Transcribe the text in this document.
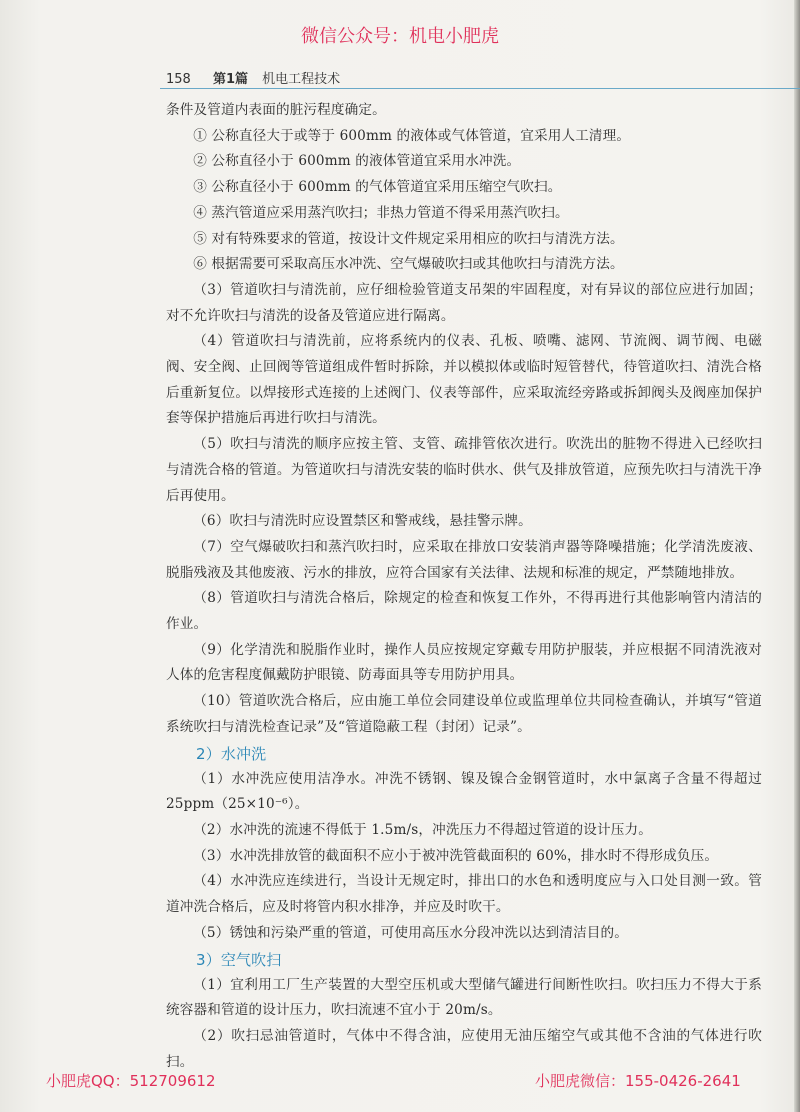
微信公众号：机电小肥虎
158 第1篇 机电工程技术

条件及管道内表面的脏污程度确定。

① 公称直径大于或等于 600mm 的液体或气体管道，宜采用人工清理。

② 公称直径小于 600mm 的液体管道宜采用水冲洗。

③ 公称直径小于 600mm 的气体管道宜采用压缩空气吹扫。

④ 蒸汽管道应采用蒸汽吹扫；非热力管道不得采用蒸汽吹扫。

⑤ 对有特殊要求的管道，按设计文件规定采用相应的吹扫与清洗方法。

⑥ 根据需要可采取高压水冲洗、空气爆破吹扫或其他吹扫与清洗方法。

（3）管道吹扫与清洗前，应仔细检验管道支吊架的牢固程度，对有异议的部位应进行加固；对不允许吹扫与清洗的设备及管道应进行隔离。

（4）管道吹扫与清洗前，应将系统内的仪表、孔板、喷嘴、滤网、节流阀、调节阀、电磁阀、安全阀、止回阀等管道组成件暂时拆除，并以模拟体或临时短管替代，待管道吹扫、清洗合格后重新复位。以焊接形式连接的上述阀门、仪表等部件，应采取流经旁路或拆卸阀头及阀座加保护套等保护措施后再进行吹扫与清洗。

（5）吹扫与清洗的顺序应按主管、支管、疏排管依次进行。吹洗出的脏物不得进入已经吹扫与清洗合格的管道。为管道吹扫与清洗安装的临时供水、供气及排放管道，应预先吹扫与清洗干净后再使用。

（6）吹扫与清洗时应设置禁区和警戒线，悬挂警示牌。

（7）空气爆破吹扫和蒸汽吹扫时，应采取在排放口安装消声器等降噪措施；化学清洗废液、脱脂残液及其他废液、污水的排放，应符合国家有关法律、法规和标准的规定，严禁随地排放。

（8）管道吹扫与清洗合格后，除规定的检查和恢复工作外，不得再进行其他影响管内清洁的作业。

（9）化学清洗和脱脂作业时，操作人员应按规定穿戴专用防护服装，并应根据不同清洗液对人体的危害程度佩戴防护眼镜、防毒面具等专用防护用具。

（10）管道吹洗合格后，应由施工单位会同建设单位或监理单位共同检查确认，并填写“管道系统吹扫与清洗检查记录”及“管道隐蔽工程（封闭）记录”。

2）水冲洗

（1）水冲洗应使用洁净水。冲洗不锈钢、镍及镍合金钢管道时，水中氯离子含量不得超过 25ppm（25×10⁻⁶）。

（2）水冲洗的流速不得低于 1.5m/s，冲洗压力不得超过管道的设计压力。

（3）水冲洗排放管的截面积不应小于被冲洗管截面积的 60%，排水时不得形成负压。

（4）水冲洗应连续进行，当设计无规定时，排出口的水色和透明度应与入口处目测一致。管道冲洗合格后，应及时将管内积水排净，并应及时吹干。

（5）锈蚀和污染严重的管道，可使用高压水分段冲洗以达到清洁目的。

3）空气吹扫

（1）宜利用工厂生产装置的大型空压机或大型储气罐进行间断性吹扫。吹扫压力不得大于系统容器和管道的设计压力，吹扫流速不宜小于 20m/s。

（2）吹扫忌油管道时，气体中不得含油，应使用无油压缩空气或其他不含油的气体进行吹扫。

小肥虎QQ：512709612	小肥虎微信：155-0426-2641
